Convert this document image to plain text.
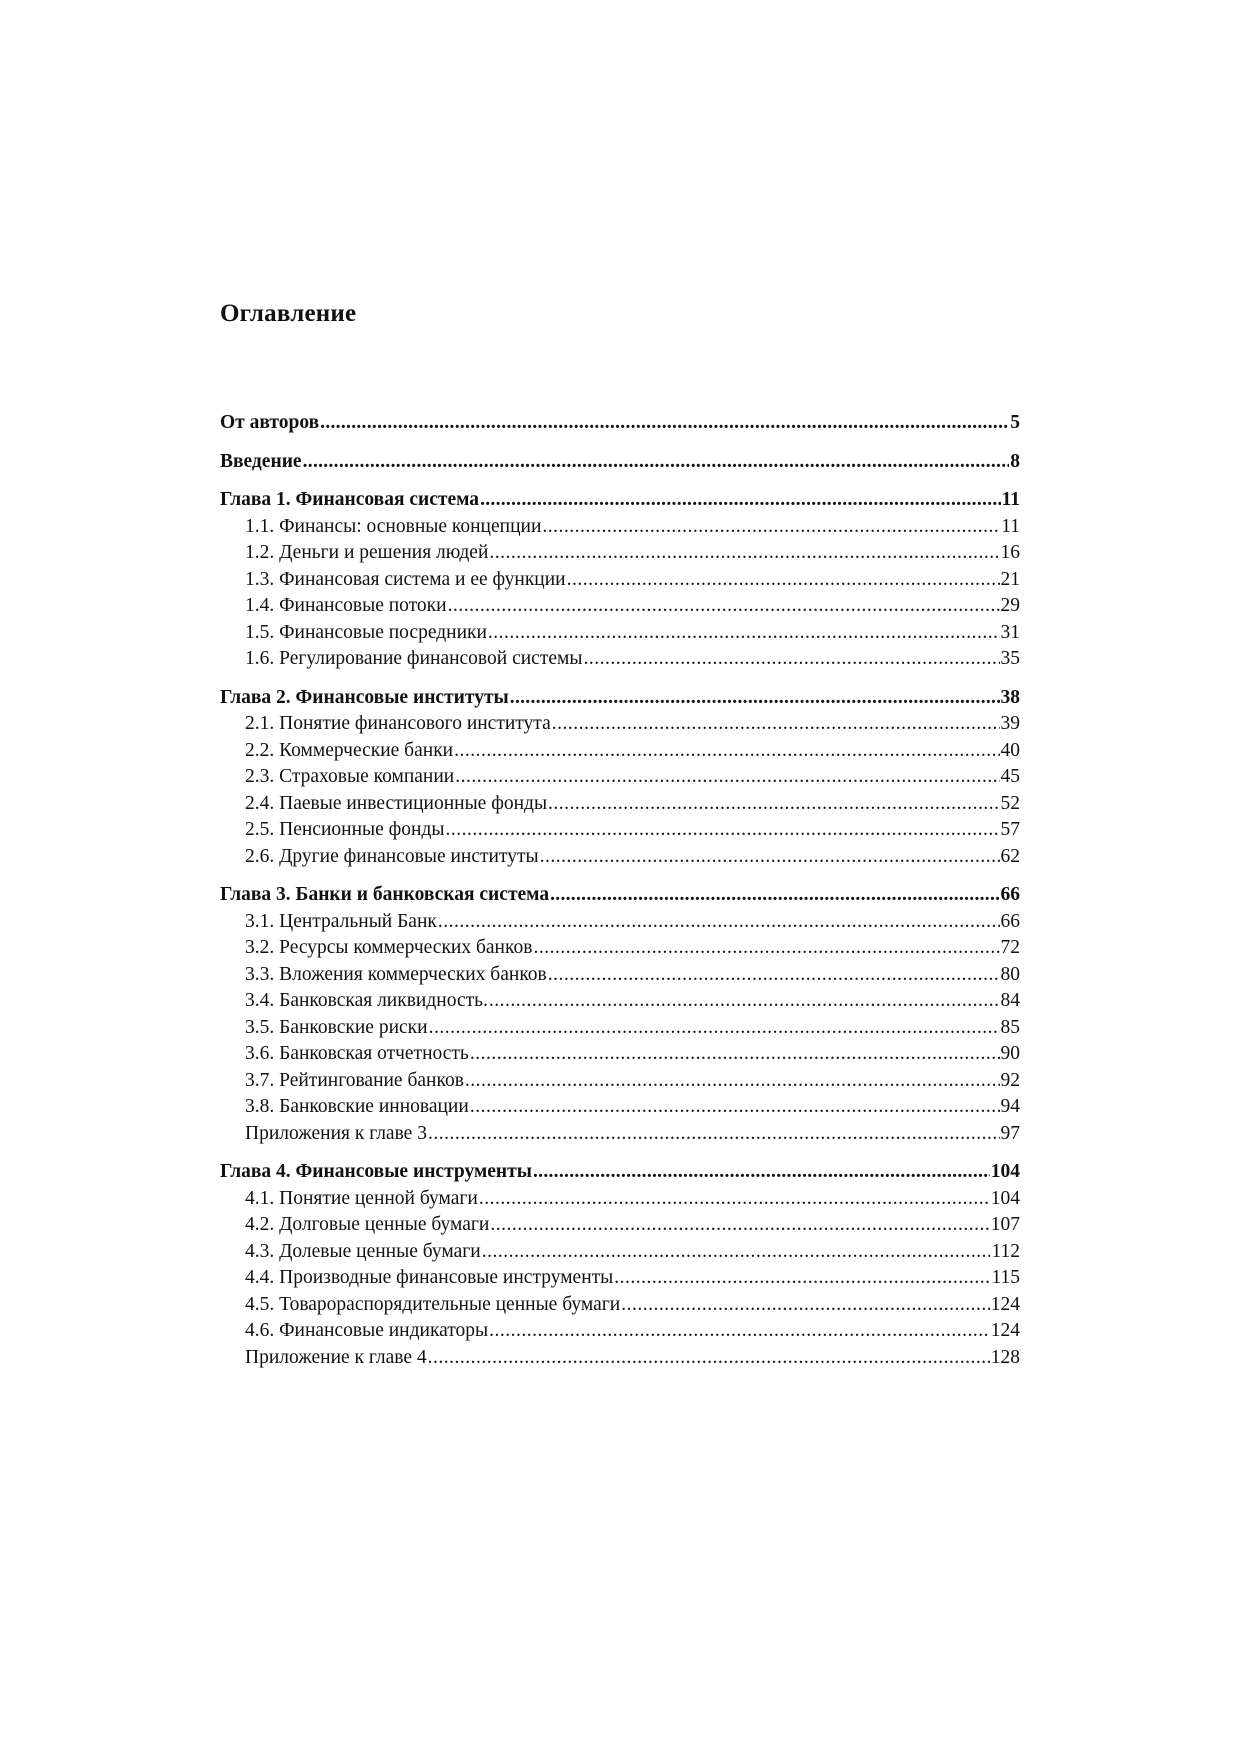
Оглавление
От авторов .....	5
Введение .....	8
Глава 1. Финансовая система .....	11
1.1. Финансы: основные концепции .....	11
1.2. Деньги и решения людей .....	16
1.3. Финансовая система и ее функции .....	21
1.4. Финансовые потоки .....	29
1.5. Финансовые посредники .....	31
1.6. Регулирование финансовой системы .....	35
Глава 2. Финансовые институты .....	38
2.1. Понятие финансового института .....	39
2.2. Коммерческие банки .....	40
2.3. Страховые компании .....	45
2.4. Паевые инвестиционные фонды .....	52
2.5. Пенсионные фонды .....	57
2.6. Другие финансовые институты .....	62
Глава 3. Банки и банковская система .....	66
3.1. Центральный Банк .....	66
3.2. Ресурсы коммерческих банков .....	72
3.3. Вложения коммерческих банков .....	80
3.4. Банковская ликвидность. .....	84
3.5. Банковские риски .....	85
3.6. Банковская отчетность .....	90
3.7. Рейтингование банков .....	92
3.8. Банковские инновации .....	94
Приложения к главе 3 .....	97
Глава 4. Финансовые инструменты .....	104
4.1. Понятие ценной бумаги .....	104
4.2. Долговые ценные бумаги .....	107
4.3. Долевые ценные бумаги .....	112
4.4. Производные финансовые инструменты .....	115
4.5. Товарораспорядительные ценные бумаги .....	124
4.6. Финансовые индикаторы .....	124
Приложение к главе 4 .....	128
